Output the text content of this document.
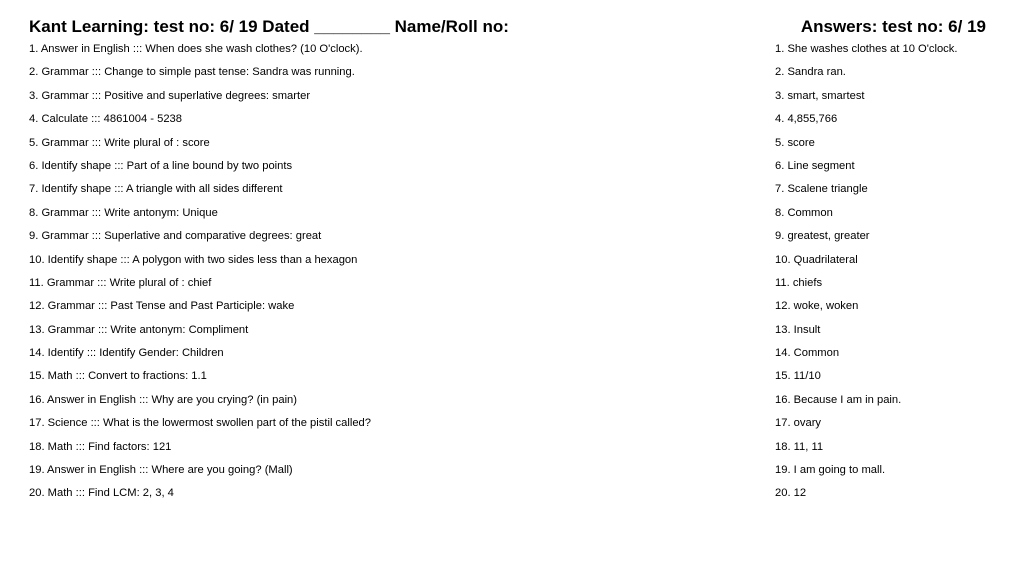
Kant Learning: test no: 6/ 19 Dated ________ Name/Roll no:
1. Answer in English ::: When does she wash clothes? (10 O'clock).
2. Grammar ::: Change to simple past tense: Sandra was running.
3. Grammar ::: Positive and superlative degrees: smarter
4. Calculate ::: 4861004 - 5238
5. Grammar ::: Write plural of : score
6. Identify shape ::: Part of a line bound by two points
7. Identify shape ::: A triangle with all sides different
8. Grammar ::: Write antonym: Unique
9. Grammar ::: Superlative and comparative degrees: great
10. Identify shape ::: A polygon with two sides less than a hexagon
11. Grammar ::: Write plural of : chief
12. Grammar ::: Past Tense and Past Participle: wake
13. Grammar ::: Write antonym: Compliment
14. Identify ::: Identify Gender: Children
15. Math ::: Convert to fractions: 1.1
16. Answer in English ::: Why are you crying? (in pain)
17. Science ::: What is the lowermost swollen part of the pistil called?
18. Math ::: Find factors: 121
19. Answer in English ::: Where are you going? (Mall)
20. Math ::: Find LCM: 2, 3, 4
Answers: test no: 6/ 19
1. She washes clothes at 10 O'clock.
2. Sandra ran.
3. smart, smartest
4. 4,855,766
5. score
6. Line segment
7. Scalene triangle
8. Common
9. greatest, greater
10. Quadrilateral
11. chiefs
12. woke, woken
13. Insult
14. Common
15. 11/10
16. Because I am in pain.
17. ovary
18. 11, 11
19. I am going to mall.
20. 12
